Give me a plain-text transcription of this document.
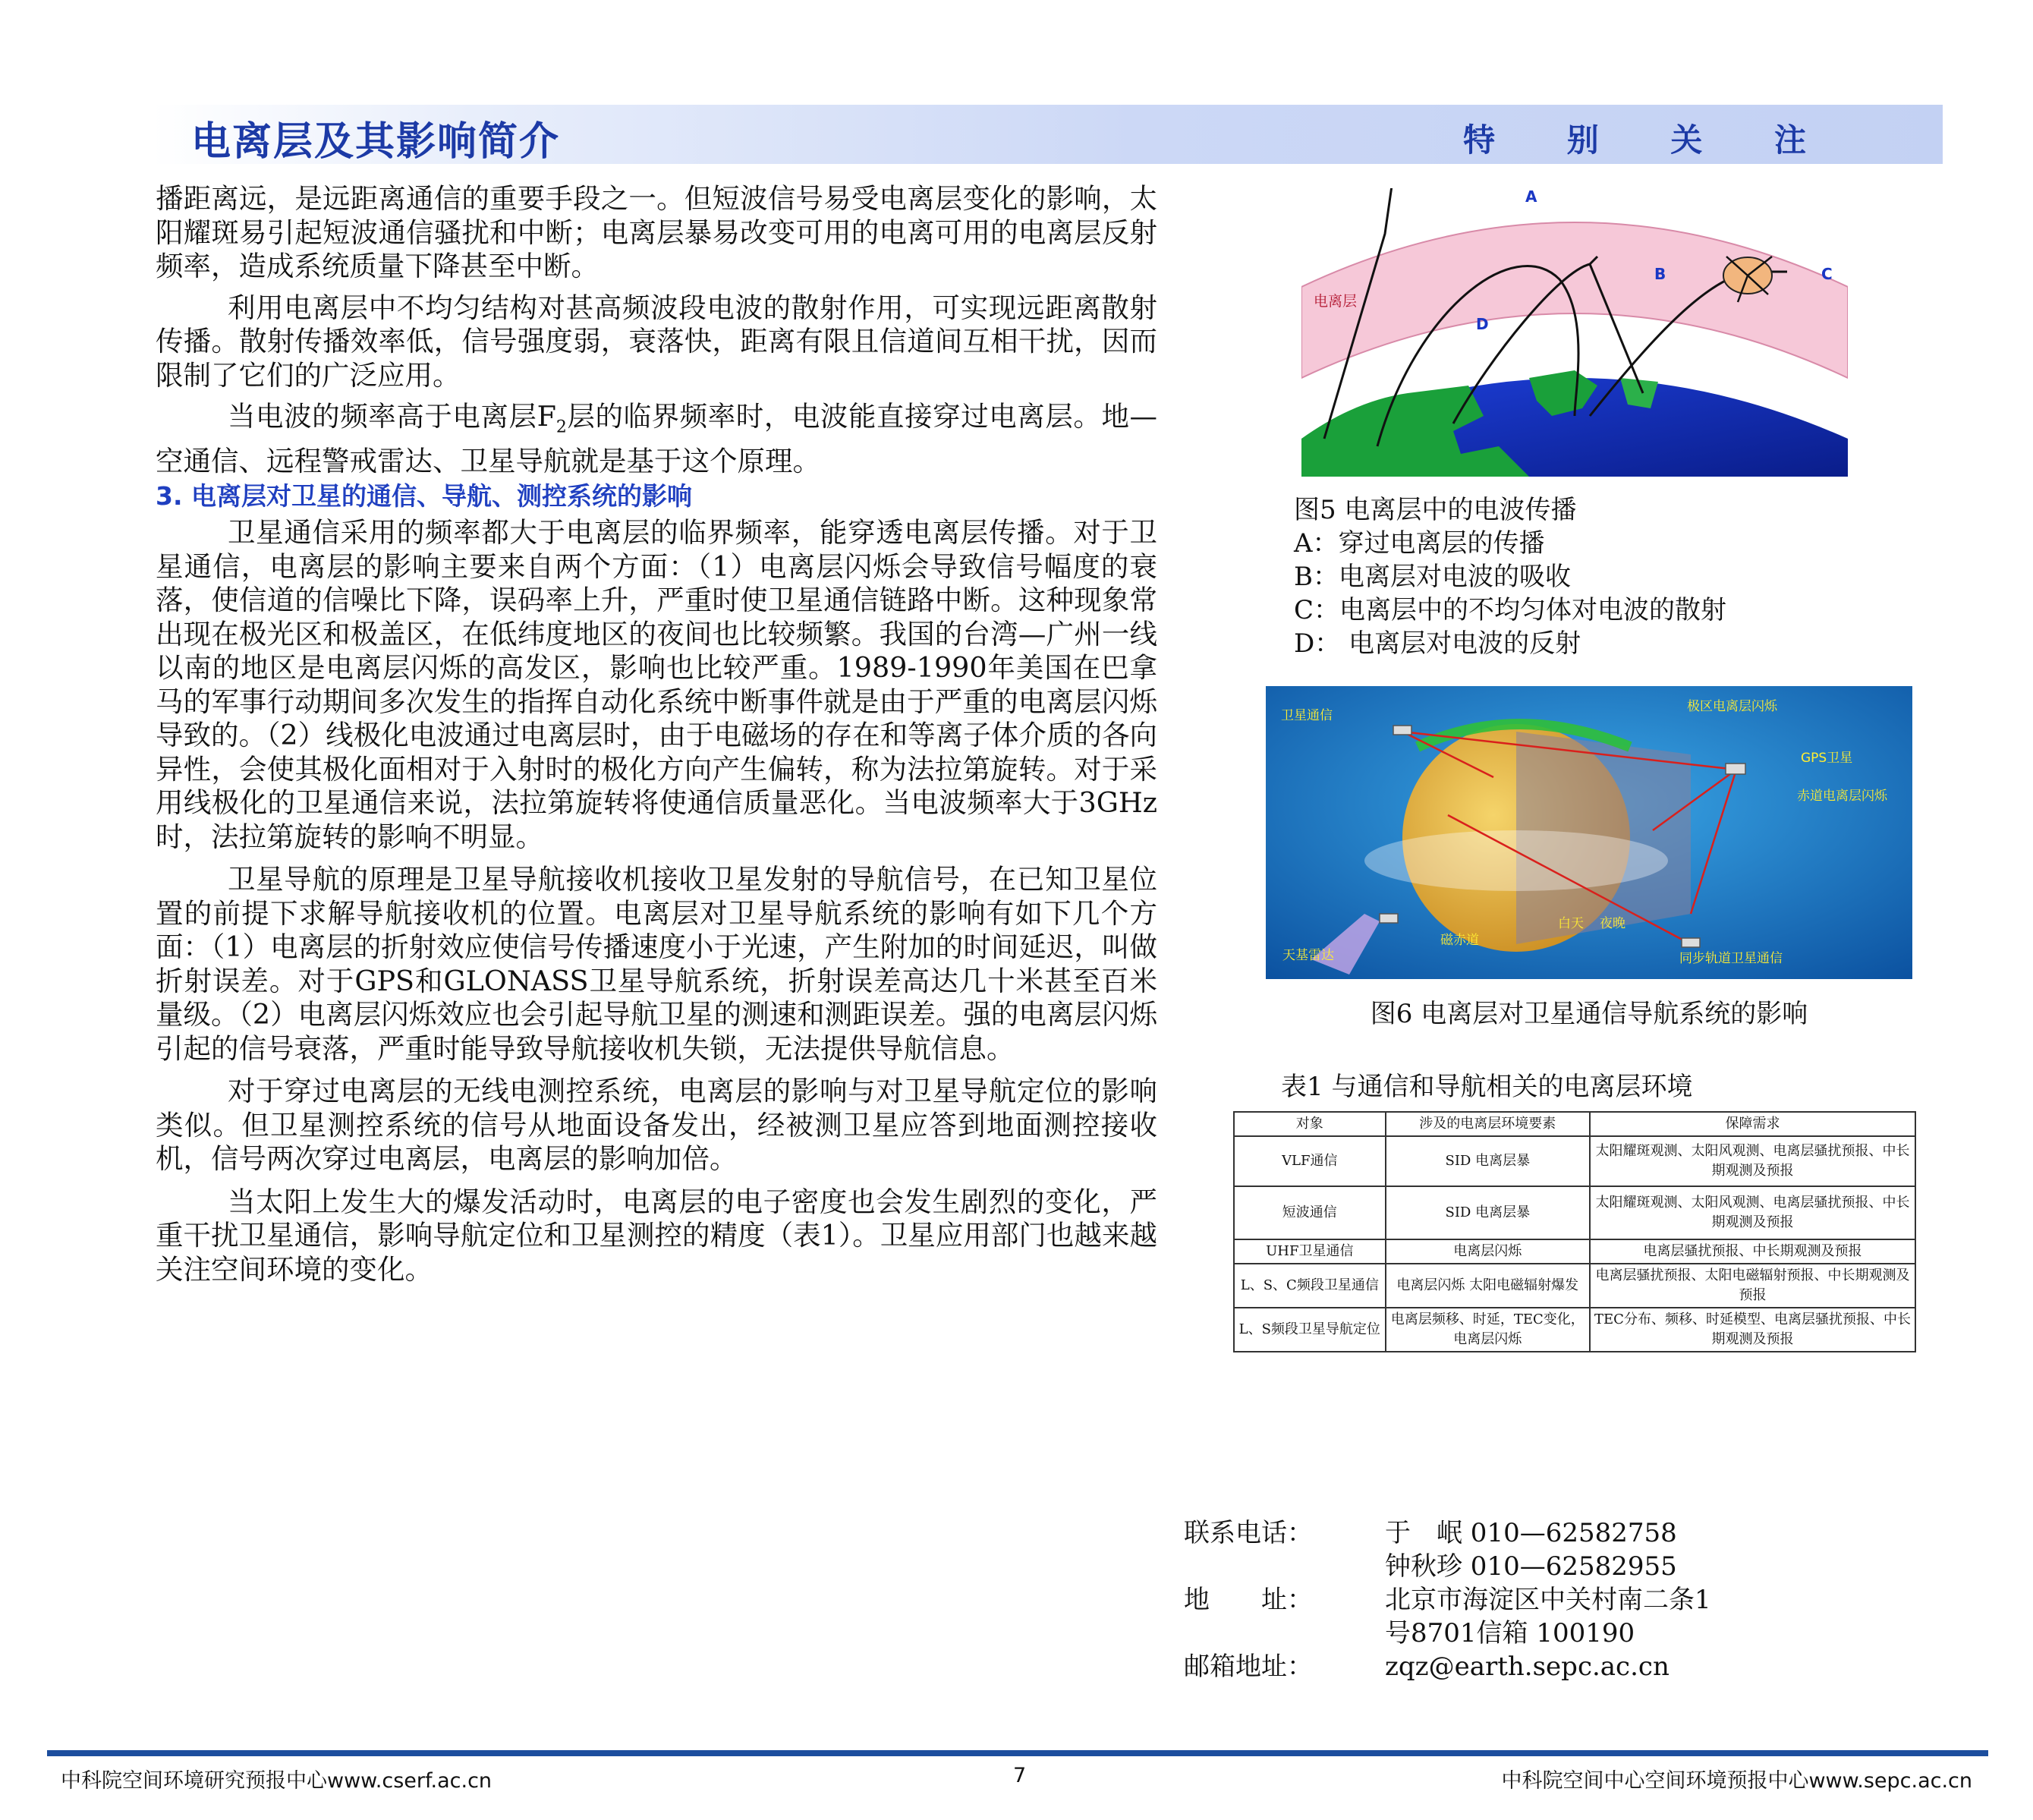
电离层及其影响简介	特 别 关 注

播距离远，是远距离通信的重要手段之一。但短波信号易受电离层变化的影响，太阳耀斑易引起短波通信骚扰和中断；电离层暴易改变可用的电离可用的电离层反射频率，造成系统质量下降甚至中断。

利用电离层中不均匀结构对甚高频波段电波的散射作用，可实现远距离散射传播。散射传播效率低，信号强度弱，衰落快，距离有限且信道间互相干扰，因而限制了它们的广泛应用。

当电波的频率高于电离层$F_2$层的临界频率时，电波能直接穿过电离层。地—空通信、远程警戒雷达、卫星导航就是基于这个原理。

3. 电离层对卫星的通信、导航、测控系统的影响

卫星通信采用的频率都大于电离层的临界频率，能穿透电离层传播。对于卫星通信，电离层的影响主要来自两个方面：（1）电离层闪烁会导致信号幅度的衰落，使信道的信噪比下降，误码率上升，严重时使卫星通信链路中断。这种现象常出现在极光区和极盖区，在低纬度地区的夜间也比较频繁。我国的台湾—广州一线以南的地区是电离层闪烁的高发区，影响也比较严重。1989-1990年美国在巴拿马的军事行动期间多次发生的指挥自动化系统中断事件就是由于严重的电离层闪烁导致的。（2）线极化电波通过电离层时，由于电磁场的存在和等离子体介质的各向异性，会使其极化面相对于入射时的极化方向产生偏转，称为法拉第旋转。对于采用线极化的卫星通信来说，法拉第旋转将使通信质量恶化。当电波频率大于3GHz时，法拉第旋转的影响不明显。

卫星导航的原理是卫星导航接收机接收卫星发射的导航信号，在已知卫星位置的前提下求解导航接收机的位置。电离层对卫星导航系统的影响有如下几个方面：（1）电离层的折射效应使信号传播速度小于光速，产生附加的时间延迟，叫做折射误差。对于GPS和GLONASS卫星导航系统，折射误差高达几十米甚至百米量级。（2）电离层闪烁效应也会引起导航卫星的测速和测距误差。强的电离层闪烁引起的信号衰落，严重时能导致导航接收机失锁，无法提供导航信息。

对于穿过电离层的无线电测控系统，电离层的影响与对卫星导航定位的影响类似。但卫星测控系统的信号从地面设备发出，经被测卫星应答到地面测控接收机，信号两次穿过电离层，电离层的影响加倍。

当太阳上发生大的爆发活动时，电离层的电子密度也会发生剧烈的变化，严重干扰卫星通信，影响导航定位和卫星测控的精度（表1）。卫星应用部门也越来越关注空间环境的变化。

电离层
A
B	C
D
图5 电离层中的电波传播
A：穿过电离层的传播
B：电离层对电波的吸收
C：电离层中的不均匀体对电波的散射
D： 电离层对电波的反射
卫星通信
极区电离层闪烁
GPS卫星
赤道电离层闪烁
白天 夜晚
磁赤道
天基雷达	同步轨道卫星通信
图6 电离层对卫星通信导航系统的影响
表1 与通信和导航相关的电离层环境
对象	涉及的电离层环境要素	保障需求
VLF通信	SID 电离层暴	太阳耀斑观测、太阳风观测、电离层骚扰预报、中长期观测及预报
短波通信	SID 电离层暴	太阳耀斑观测、太阳风观测、电离层骚扰预报、中长期观测及预报
UHF卫星通信	电离层闪烁	电离层骚扰预报、中长期观测及预报
L、S、C频段卫星通信	电离层闪烁 太阳电磁辐射爆发	电离层骚扰预报、太阳电磁辐射预报、中长期观测及预报
L、S频段卫星导航定位	电离层频移、时延，TEC变化，电离层闪烁	TEC分布、频移、时延模型、电离层骚扰预报、中长期观测及预报
联系电话：	于　岷 010—62582758
钟秋珍 010—62582955
地　　址：	北京市海淀区中关村南二条1
号8701信箱 100190
邮箱地址：	zqz@earth.sepc.ac.cn
中科院空间环境研究预报中心www.cserf.ac.cn	7	中科院空间中心空间环境预报中心www.sepc.ac.cn
